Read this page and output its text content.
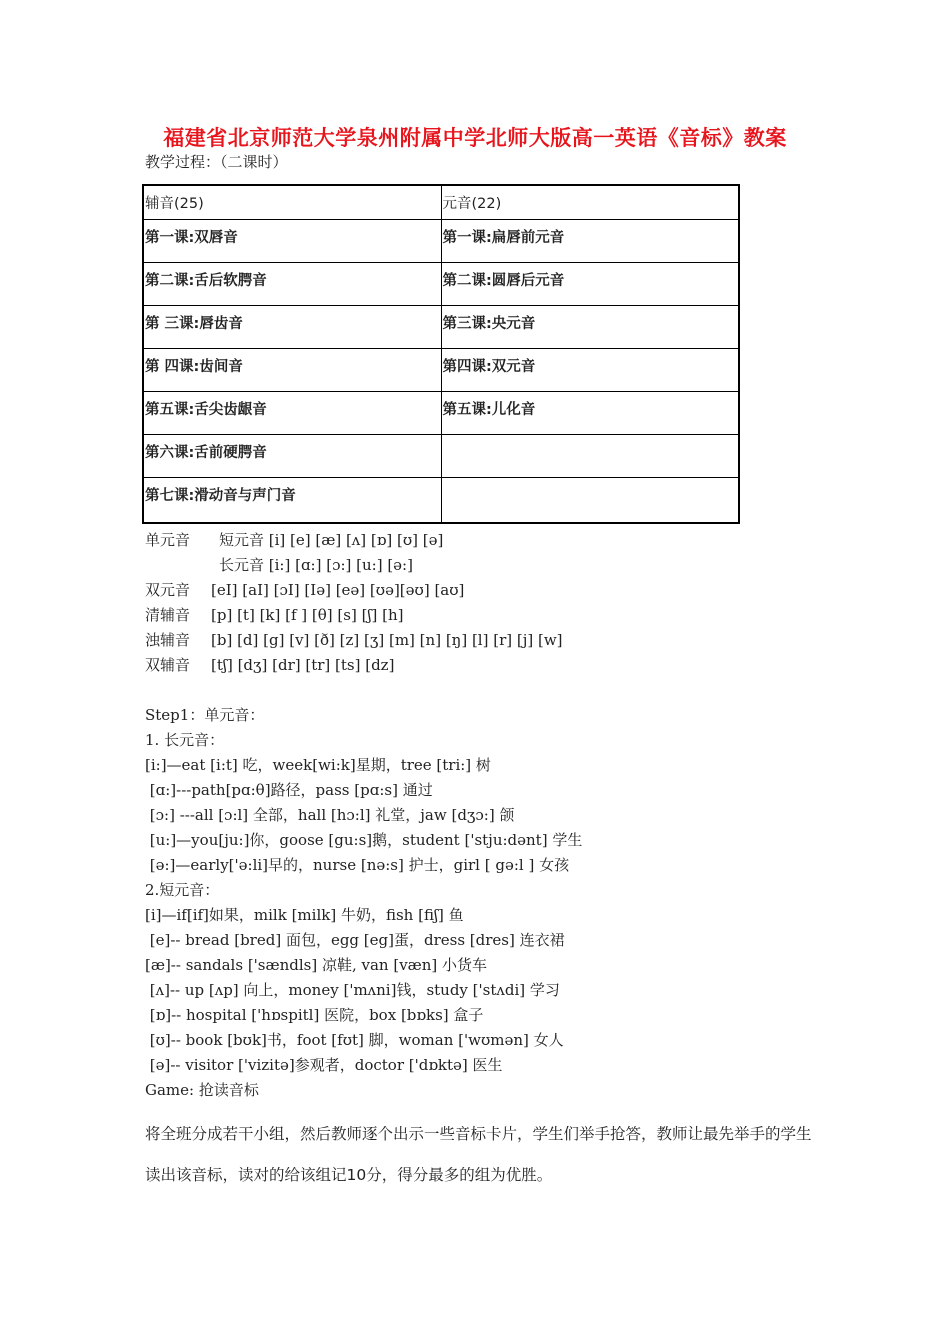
福建省北京师范大学泉州附属中学北师大版高一英语《音标》教案
教学过程：（二课时）
辅音(25)	元音(22)
第一课:双唇音	第一课:扁唇前元音
第二课:舌后软腭音	第二课:圆唇后元音
第 三课:唇齿音	第三课:央元音
第 四课:齿间音	第四课:双元音
第五课:舌尖齿龈音	第五课:儿化音
第六课:舌前硬腭音	
第七课:滑动音与声门音	
单元音 短元音 [i] [e] [æ] [ʌ] [ɒ] [ʊ] [ə]
长元音 [i:] [ɑ:] [ɔ:] [u:] [ə:]
双元音 [eI] [aI] [ɔI] [Iə] [eə] [ʊə][əʊ] [aʊ]
清辅音 [p] [t] [k] [f ] [θ] [s] [ʃ] [h]
浊辅音 [b] [d] [g] [v] [ð] [z] [ʒ] [m] [n] [ŋ] [l] [r] [j] [w]
双辅音 [tʃ] [dʒ] [dr] [tr] [ts] [dz]
Step1：单元音：
1. 长元音：
[i:]—eat [i:t] 吃，week[wi:k]星期，tree [tri:] 树
[ɑ:]---path[pɑ:θ]路径，pass [pɑ:s] 通过
[ɔ:] ---all [ɔ:l] 全部，hall [hɔ:l] 礼堂，jaw [dʒɔ:] 颌
[u:]—you[ju:]你，goose [gu:s]鹅，student ['stju:dənt] 学生
[ə:]—early['ə:li]早的，nurse [nə:s] 护士，girl [ gə:l ] 女孩
2.短元音：
[i]—if[if]如果，milk [milk] 牛奶，fish [fiʃ] 鱼
[e]-- bread [bred] 面包，egg [eg]蛋，dress [dres] 连衣裙
[æ]-- sandals ['sændls] 凉鞋, van [væn] 小货车
[ʌ]-- up [ʌp] 向上，money ['mʌni]钱，study ['stʌdi] 学习
[ɒ]-- hospital ['hɒspitl] 医院，box [bɒks] 盒子
[ʊ]-- book [bʊk]书，foot [fʊt] 脚，woman ['wʊmən] 女人
[ə]-- visitor ['vizitə]参观者，doctor ['dɒktə] 医生
Game: 抢读音标
将全班分成若干小组，然后教师逐个出示一些音标卡片，学生们举手抢答，教师让最先举手的学生读出该音标，读对的给该组记10分，得分最多的组为优胜。
